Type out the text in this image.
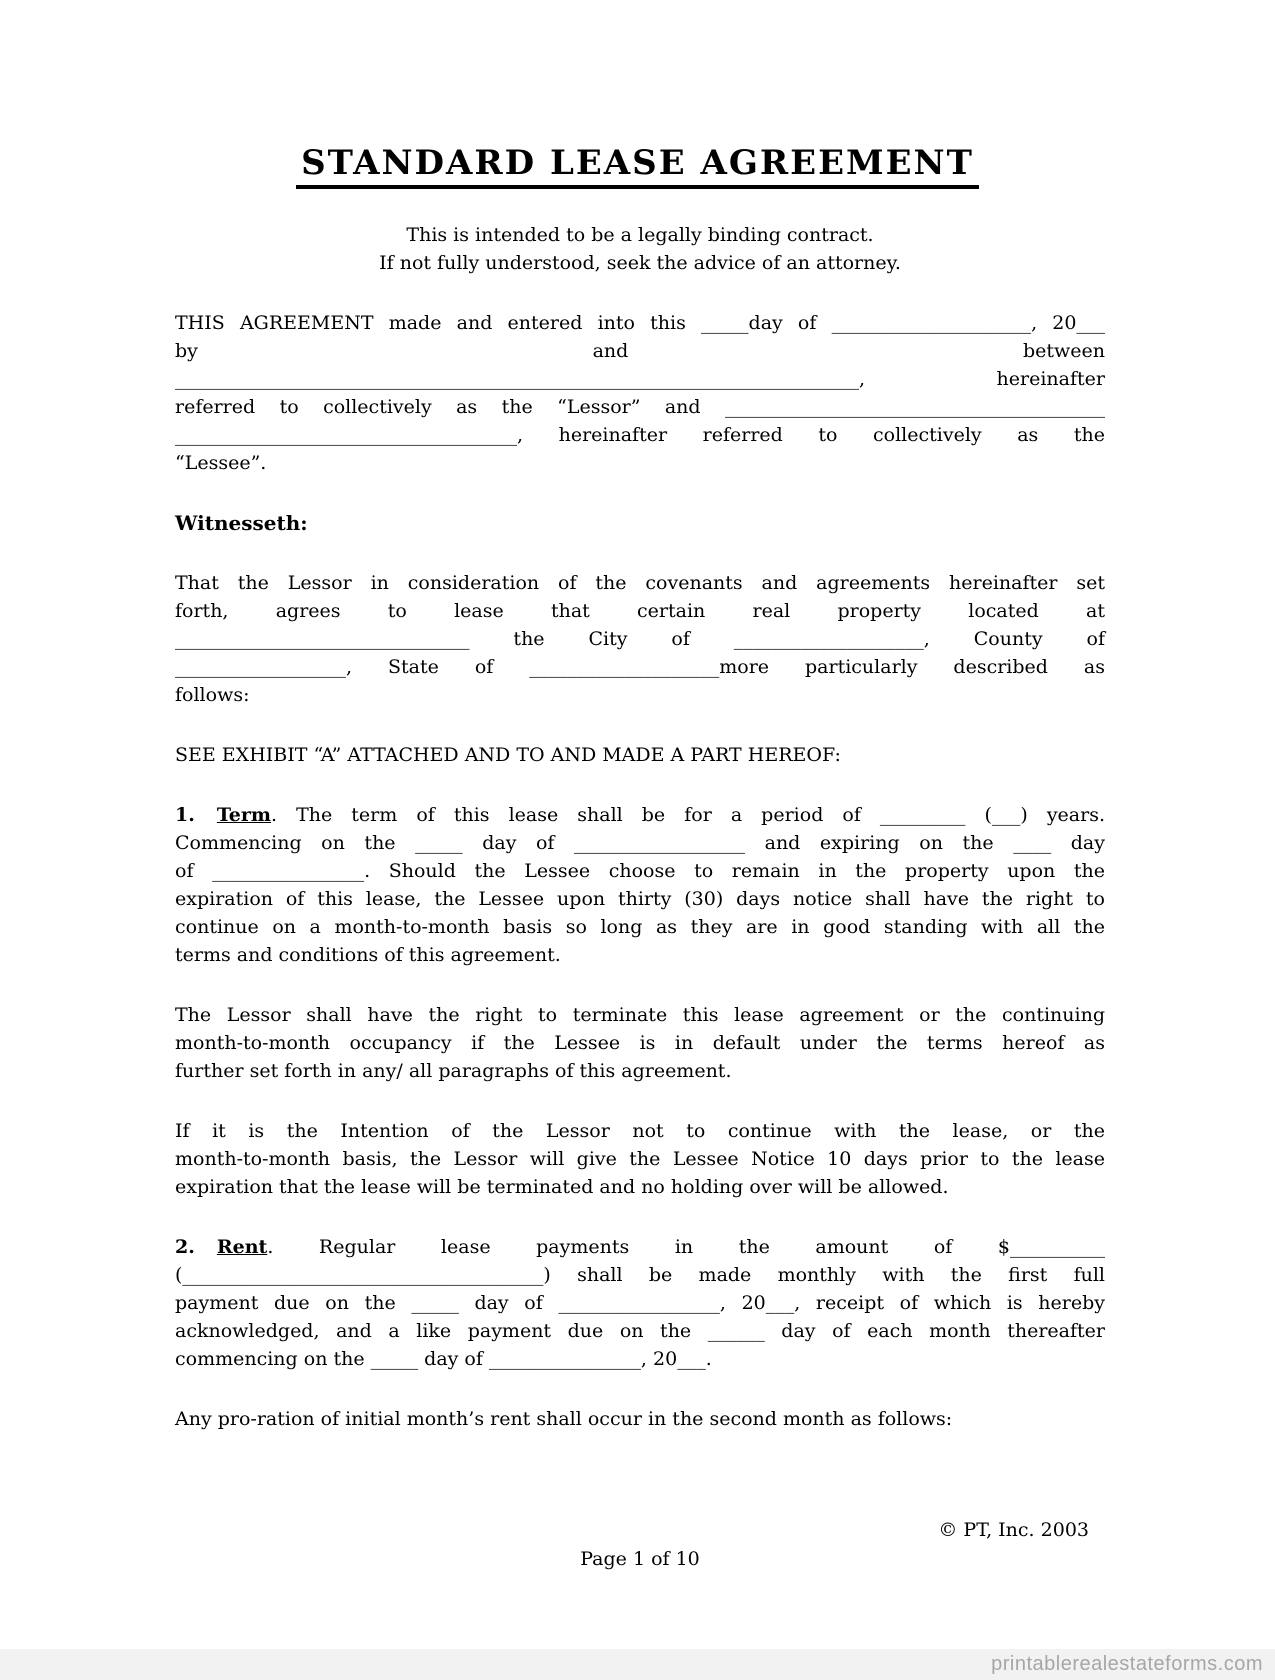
STANDARD LEASE AGREEMENT
This is intended to be a legally binding contract.
If not fully understood, seek the advice of an attorney.
THIS AGREEMENT made and entered into this _____day of _____________________, 20___
by and between
________________________________________________________________________, hereinafter
referred to collectively as the “Lessor” and ________________________________________
____________________________________, hereinafter referred to collectively as the
“Lessee”.
Witnesseth:
That the Lessor in consideration of the covenants and agreements hereinafter set
forth, agrees to lease that certain real property located at
_______________________________ the City of ____________________, County of
__________________, State of ____________________more particularly described as
follows:
SEE EXHIBIT “A” ATTACHED AND TO AND MADE A PART HEREOF:
1. Term. The term of this lease shall be for a period of _________ (___) years.
Commencing on the _____ day of __________________ and expiring on the ____ day
of ________________. Should the Lessee choose to remain in the property upon the
expiration of this lease, the Lessee upon thirty (30) days notice shall have the right to
continue on a month-to-month basis so long as they are in good standing with all the
terms and conditions of this agreement.
The Lessor shall have the right to terminate this lease agreement or the continuing
month-to-month occupancy if the Lessee is in default under the terms hereof as
further set forth in any/ all paragraphs of this agreement.
If it is the Intention of the Lessor not to continue with the lease, or the
month-to-month basis, the Lessor will give the Lessee Notice 10 days prior to the lease
expiration that the lease will be terminated and no holding over will be allowed.
2. Rent. Regular lease payments in the amount of $__________
(______________________________________) shall be made monthly with the first full
payment due on the _____ day of _________________, 20___, receipt of which is hereby
acknowledged, and a like payment due on the ______ day of each month thereafter
commencing on the _____ day of ________________, 20___.
Any pro-ration of initial month’s rent shall occur in the second month as follows:
© PT, Inc. 2003
Page 1 of 10
printablerealestateforms.com
